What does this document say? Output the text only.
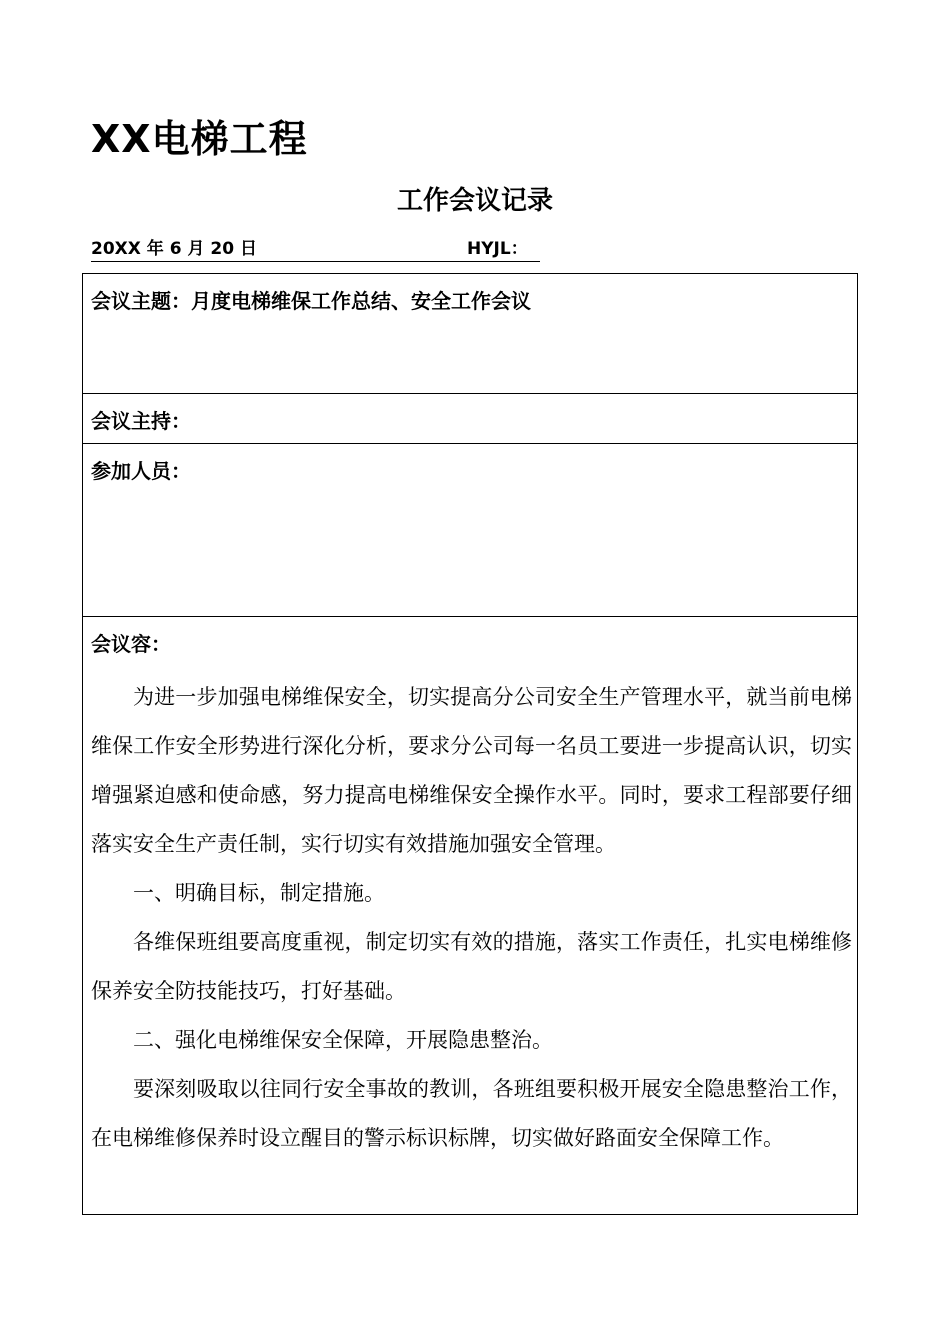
XX电梯工程
工作会议记录
20XX 年 6 月 20 日	HYJL：
会议主题：月度电梯维保工作总结、安全工作会议
会议主持：
参加人员：
会议容：

为进一步加强电梯维保安全，切实提高分公司安全生产管理水平，就当前电梯维保工作安全形势进行深化分析，要求分公司每一名员工要进一步提高认识，切实增强紧迫感和使命感，努力提高电梯维保安全操作水平。同时，要求工程部要仔细落实安全生产责任制，实行切实有效措施加强安全管理。

一、明确目标，制定措施。

各维保班组要高度重视，制定切实有效的措施，落实工作责任，扎实电梯维修保养安全防技能技巧，打好基础。

二、强化电梯维保安全保障，开展隐患整治。

要深刻吸取以往同行安全事故的教训，各班组要积极开展安全隐患整治工作，在电梯维修保养时设立醒目的警示标识标牌，切实做好路面安全保障工作。
